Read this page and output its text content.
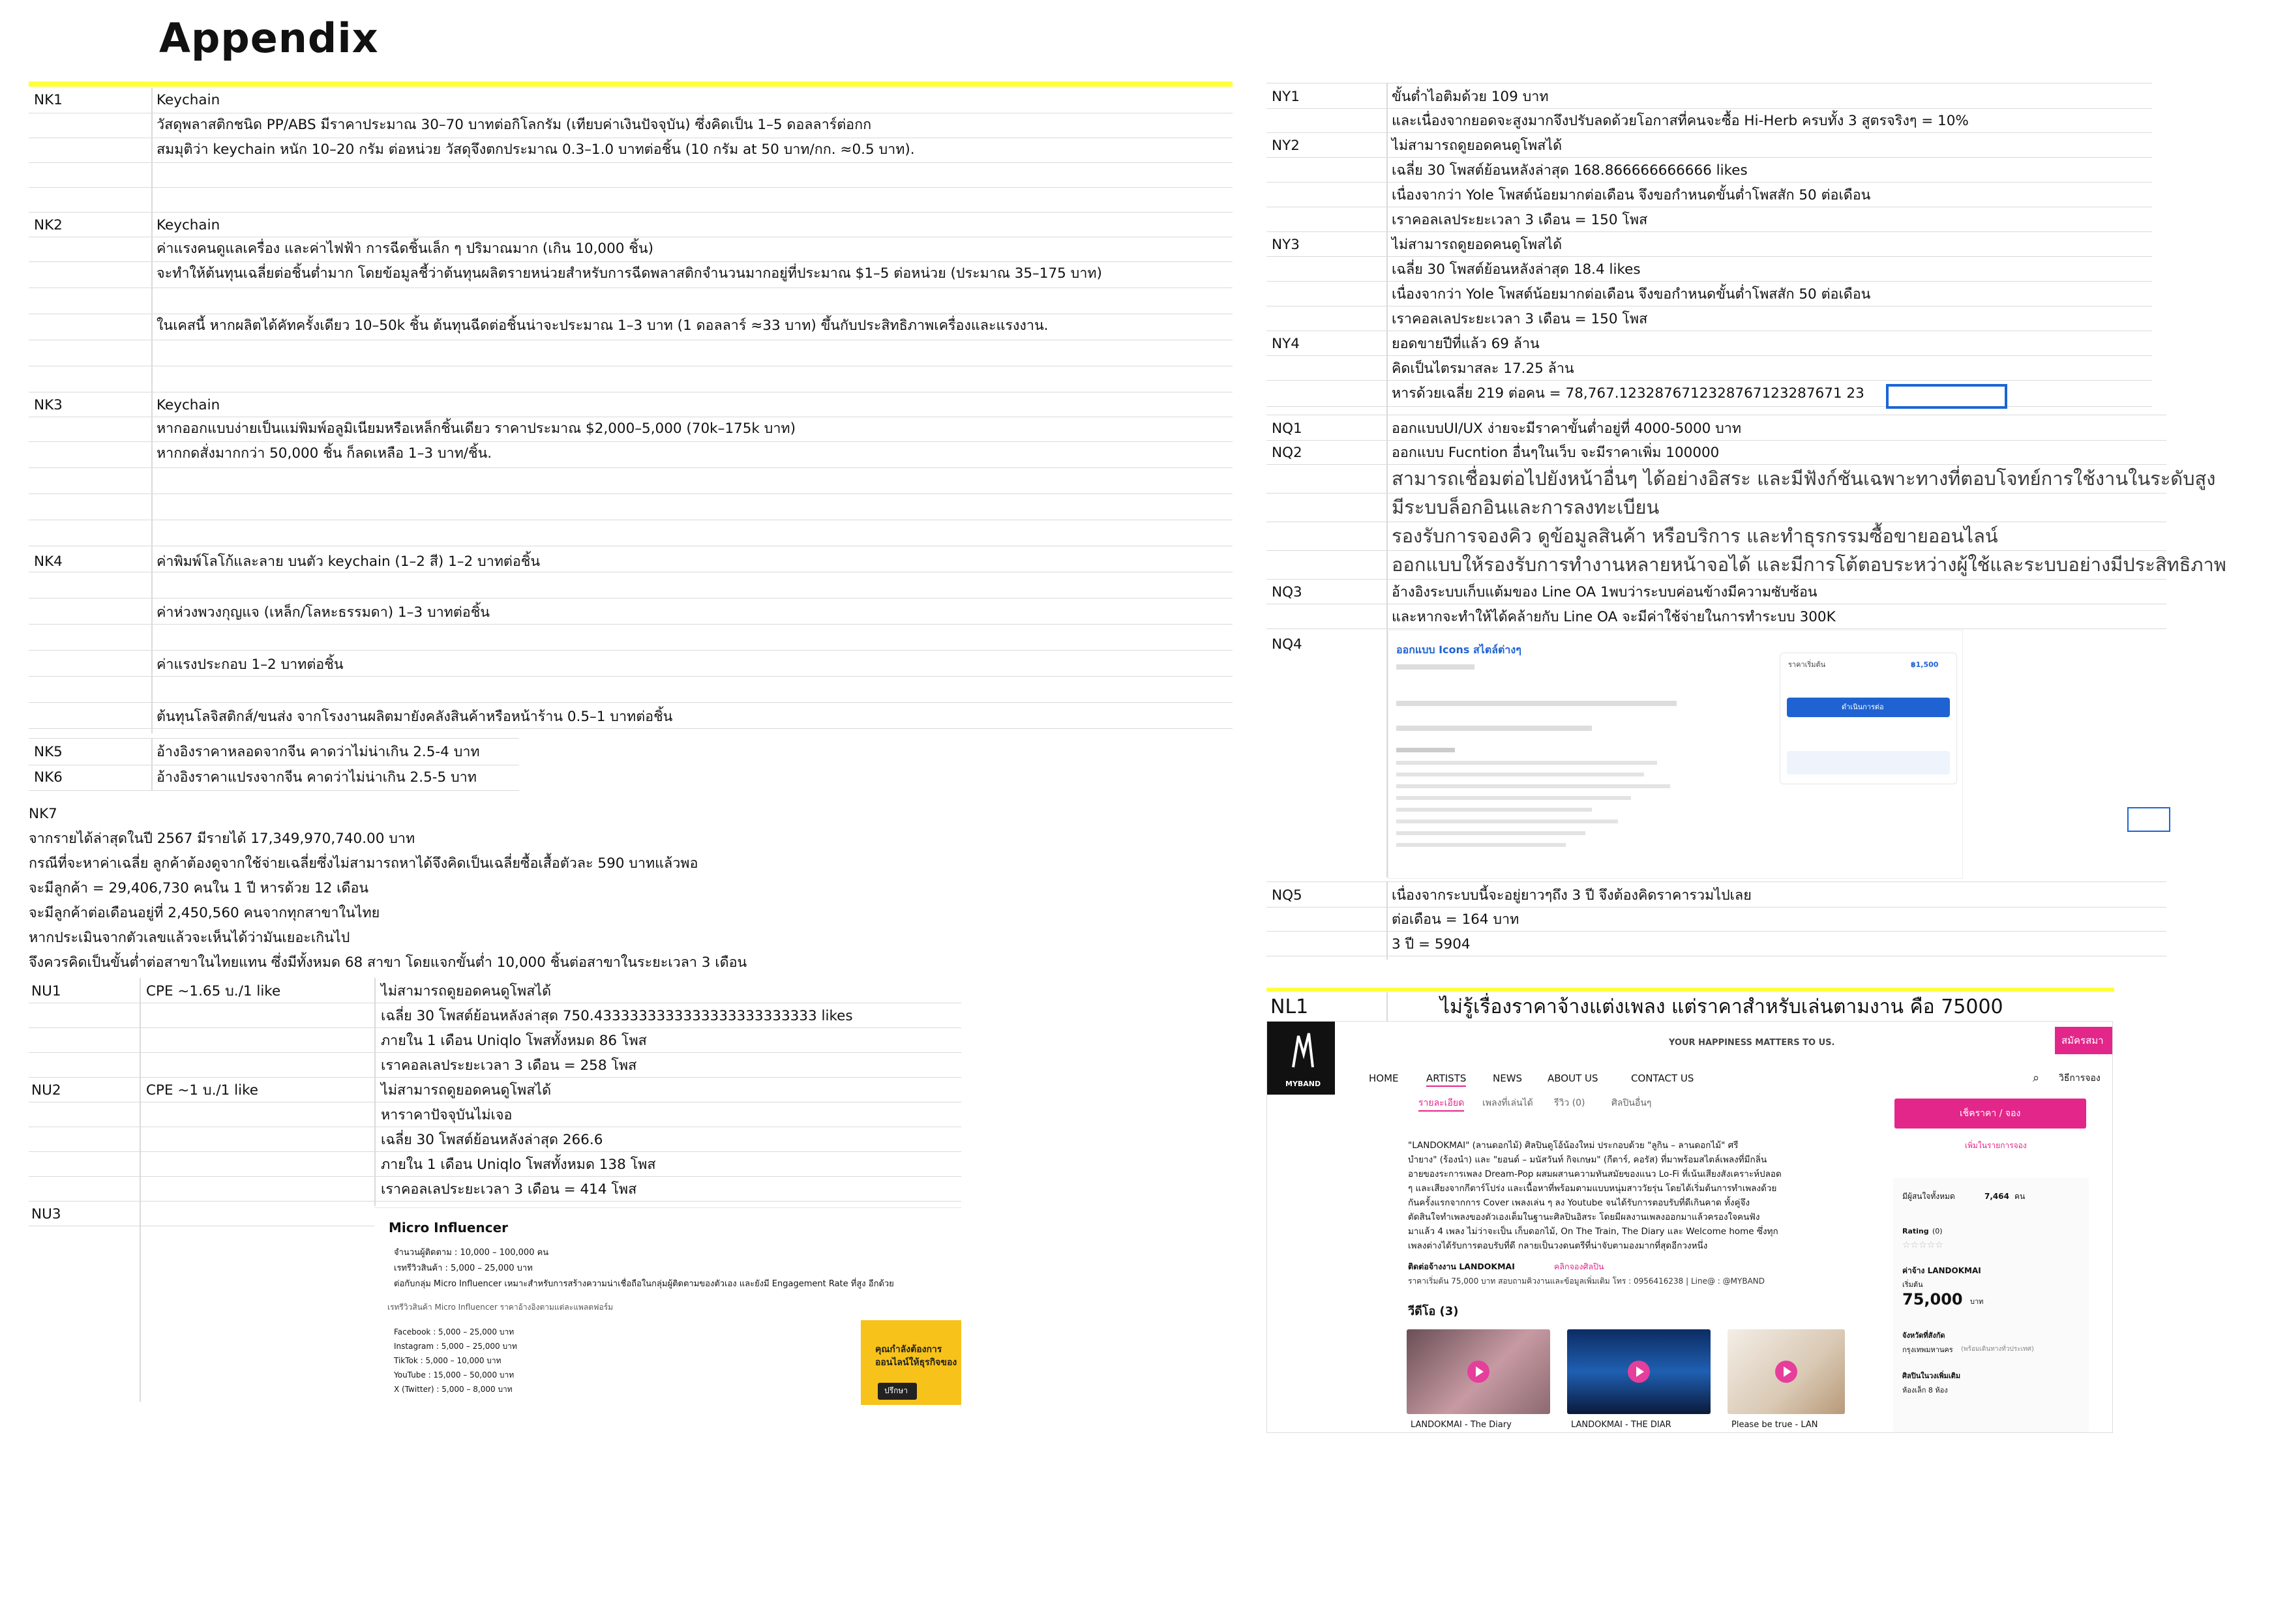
Appendix
NK1	Keychain
วัสดุพลาสติกชนิด PP/ABS มีราคาประมาณ 30–70 บาทต่อกิโลกรัม (เทียบค่าเงินปัจจุบัน) ซึ่งคิดเป็น 1–5 ดอลลาร์ต่อกก
สมมุติว่า keychain หนัก 10–20 กรัม ต่อหน่วย วัสดุจึงตกประมาณ 0.3–1.0 บาทต่อชิ้น (10 กรัม at 50 บาท/กก. ≈0.5 บาท).
NK2	Keychain
ค่าแรงคนดูแลเครื่อง และค่าไฟฟ้า การฉีดชิ้นเล็ก ๆ ปริมาณมาก (เกิน 10,000 ชิ้น)
จะทำให้ต้นทุนเฉลี่ยต่อชิ้นต่ำมาก โดยข้อมูลชี้ว่าต้นทุนผลิตรายหน่วยสำหรับการฉีดพลาสติกจำนวนมากอยู่ที่ประมาณ $1–5 ต่อหน่วย (ประมาณ 35–175 บาท)
ในเคสนี้ หากผลิตได้คัทครั้งเดียว 10–50k ชิ้น ต้นทุนฉีดต่อชิ้นน่าจะประมาณ 1–3 บาท (1 ดอลลาร์ ≈33 บาท) ขึ้นกับประสิทธิภาพเครื่องและแรงงาน.
NK3	Keychain
หากออกแบบง่ายเป็นแม่พิมพ์อลูมิเนียมหรือเหล็กชิ้นเดียว ราคาประมาณ $2,000–5,000 (70k–175k บาท)
หากกดสั่งมากกว่า 50,000 ชิ้น ก็ลดเหลือ 1–3 บาท/ชิ้น.
NK4	ค่าพิมพ์โลโก้และลาย บนตัว keychain (1–2 สี) 1–2 บาทต่อชิ้น
ค่าห่วงพวงกุญแจ (เหล็ก/โลหะธรรมดา) 1–3 บาทต่อชิ้น
ค่าแรงประกอบ 1–2 บาทต่อชิ้น
ต้นทุนโลจิสติกส์/ขนส่ง จากโรงงานผลิตมายังคลังสินค้าหรือหน้าร้าน 0.5–1 บาทต่อชิ้น
NK5	อ้างอิงราคาหลอดจากจีน คาดว่าไม่น่าเกิน 2.5-4 บาท
NK6	อ้างอิงราคาแปรงจากจีน คาดว่าไม่น่าเกิน 2.5-5 บาท
NK7
จากรายได้ล่าสุดในปี 2567 มีรายได้ 17,349,970,740.00 บาท
กรณีที่จะหาค่าเฉลี่ย ลูกค้าต้องดูจากใช้จ่ายเฉลี่ยซึ่งไม่สามารถหาได้จึงคิดเป็นเฉลี่ยซื้อเสื้อตัวละ 590 บาทแล้วพอ
จะมีลูกค้า = 29,406,730 คนใน 1 ปี หารด้วย 12 เดือน
จะมีลูกค้าต่อเดือนอยู่ที่ 2,450,560 คนจากทุกสาขาในไทย
หากประเมินจากตัวเลขแล้วจะเห็นได้ว่ามันเยอะเกินไป
จึงควรคิดเป็นขั้นต่ำต่อสาขาในไทยแทน ซึ่งมีทั้งหมด 68 สาขา โดยแจกขั้นต่ำ 10,000 ชิ้นต่อสาขาในระยะเวลา 3 เดือน
NU1	CPE ~1.65 บ./1 like	ไม่สามารถดูยอดคนดูโพสได้
เฉลี่ย 30 โพสต์ย้อนหลังล่าสุด 750.4333333333333333333333333 likes
ภายใน 1 เดือน Uniqlo โพสทั้งหมด 86 โพส
เราคอลเลประยะเวลา 3 เดือน = 258 โพส
NU2	CPE ~1 บ./1 like	ไม่สามารถดูยอดคนดูโพสได้
หาราคาปัจจุบันไม่เจอ
เฉลี่ย 30 โพสต์ย้อนหลังล่าสุด 266.6
ภายใน 1 เดือน Uniqlo โพสทั้งหมด 138 โพส
เราคอลเลประยะเวลา 3 เดือน = 414 โพส
NU3
Micro Influencer
จำนวนผู้ติดตาม : 10,000 – 100,000 คน
เรทรีวิวสินค้า : 5,000 – 25,000 บาท
ต่อกับกลุ่ม Micro Influencer เหมาะสำหรับการสร้างความน่าเชื่อถือในกลุ่มผู้ติดตามของตัวเอง และยังมี Engagement Rate ที่สูง อีกด้วย
เรทรีวิวสินค้า Micro Influencer ราคาอ้างอิงตามแต่ละแพลตฟอร์ม
Facebook : 5,000 – 25,000 บาท
Instagram : 5,000 – 25,000 บาท
TikTok : 5,000 – 10,000 บาท
YouTube : 15,000 – 50,000 บาท
X (Twitter) : 5,000 – 8,000 บาท
คุณกำลังต้องการ
ออนไลน์ให้ธุรกิจของ
ปรึกษา
NY1	ขั้นต่ำไอติมด้วย 109 บาท
และเนื่องจากยอดจะสูงมากจึงปรับลดด้วยโอกาสที่คนจะซื้อ Hi-Herb ครบทั้ง 3 สูตรจริงๆ = 10%
NY2	ไม่สามารถดูยอดคนดูโพสได้
เฉลี่ย 30 โพสต์ย้อนหลังล่าสุด 168.866666666666 likes
เนื่องจากว่า Yole โพสต์น้อยมากต่อเดือน จึงขอกำหนดขั้นต่ำโพสสัก 50 ต่อเดือน
เราคอลเลประยะเวลา 3 เดือน = 150 โพส
NY3	ไม่สามารถดูยอดคนดูโพสได้
เฉลี่ย 30 โพสต์ย้อนหลังล่าสุด 18.4 likes
เนื่องจากว่า Yole โพสต์น้อยมากต่อเดือน จึงขอกำหนดขั้นต่ำโพสสัก 50 ต่อเดือน
เราคอลเลประยะเวลา 3 เดือน = 150 โพส
NY4	ยอดขายปีที่แล้ว 69 ล้าน
คิดเป็นไตรมาสละ 17.25 ล้าน
หารด้วยเฉลี่ย 219 ต่อคน = 78,767.1232876712328767123287671 23
NQ1	ออกแบบUI/UX ง่ายจะมีราคาขั้นต่ำอยู่ที่ 4000-5000 บาท
NQ2	ออกแบบ Fucntion อื่นๆในเว็บ จะมีราคาเพิ่ม 100000
สามารถเชื่อมต่อไปยังหน้าอื่นๆ ได้อย่างอิสระ และมีฟังก์ชันเฉพาะทางที่ตอบโจทย์การใช้งานในระดับสูง
มีระบบล็อกอินและการลงทะเบียน
รองรับการจองคิว ดูข้อมูลสินค้า หรือบริการ และทำธุรกรรมซื้อขายออนไลน์
ออกแบบให้รองรับการทำงานหลายหน้าจอได้ และมีการโต้ตอบระหว่างผู้ใช้และระบบอย่างมีประสิทธิภาพ
NQ3	อ้างอิงระบบเก็บแต้มของ Line OA 1พบว่าระบบค่อนข้างมีความซับซ้อน
และหากจะทำให้ได้คล้ายกับ Line OA จะมีค่าใช้จ่ายในการทำระบบ 300K
NQ4	ออกแบบ Icons สไตล์ต่างๆ
ราคาเริ่มต้น	฿1,500
ดำเนินการต่อ
NQ5	เนื่องจากระบบนี้จะอยู่ยาวๆถึง 3 ปี จึงต้องคิดราคารวมไปเลย
ต่อเดือน = 164 บาท
3 ปี = 5904
NL1	ไม่รู้เรื่องราคาจ้างแต่งเพลง แต่ราคาสำหรับเล่นตามงาน คือ 75000
MYBAND
YOUR HAPPINESS MATTERS TO US.	สมัครสมา
HOME	ARTISTS	NEWS	ABOUT US	CONTACT US	⌕ วิธีการจอง
รายละเอียด เพลงที่เล่นได้ รีวิว (0)	ศิลปินอื่นๆ
เช็คราคา / จอง
เพิ่มในรายการจอง
"LANDOKMAI" (ลานดอกไม้) ศิลปินดูโอ้น้องใหม่ ประกอบด้วย "ลูกิน – ลานดอกไม้" ศรี
บำยาง" (ร้องนำ) และ "ยอนด์ – มนัสวันท์ กิจเกษม" (กีตาร์, คอรัส) ที่มาพร้อมสไตล์เพลงที่มีกลิ่น
อายของระการเพลง Dream-Pop ผสมผสานความทันสมัยของแนว Lo-Fi ที่เน้นเสียงสังเคราะห์ปลอด
ๆ และเสียงจากกีตาร์โปร่ง และเนื้อหาที่พร้อมตามแบบหนุ่มสาววัยรุ่น โดยได้เริ่มต้นการทำเพลงด้วย
กันครั้งแรกจากการ Cover เพลงเล่น ๆ ลง Youtube จนได้รับการตอบรับที่ดีเกินคาด ทั้งคู่จึง
ตัดสินใจทำเพลงของตัวเองเต็มในฐานะศิลปินอิสระ โดยมีผลงานเพลงออกมาแล้วครองใจคนฟัง
มาแล้ว 4 เพลง ไม่ว่าจะเป็น เก็บดอกไม้, On The Train, The Diary และ Welcome home ซึ่งทุก
เพลงต่างได้รับการตอบรับที่ดี กลายเป็นวงดนตรีที่น่าจับตามองมากที่สุดอีกวงหนึ่ง
ติดต่อจ้างงาน LANDOKMAI	คลิกจองศิลปิน
ราคาเริ่มต้น 75,000 บาท สอบถามคิวงานและข้อมูลเพิ่มเติม โทร : 0956416238 | Line@ : @MYBAND
วีดีโอ (3)
LANDOKMAI - The Diary	LANDOKMAI - THE DIAR	Please be true - LAN
มีผู้สนใจทั้งหมด	7,464 คน
Rating (0)
☆☆☆☆☆
ค่าจ้าง LANDOKMAI
เริ่มต้น
75,000 บาท
จังหวัดที่สังกัด
กรุงเทพมหานคร (พร้อมเดินทางทั่วประเทศ)
ศิลปินในวงเพิ่มเติม
ห้องเล็ก 8 ห้อง
